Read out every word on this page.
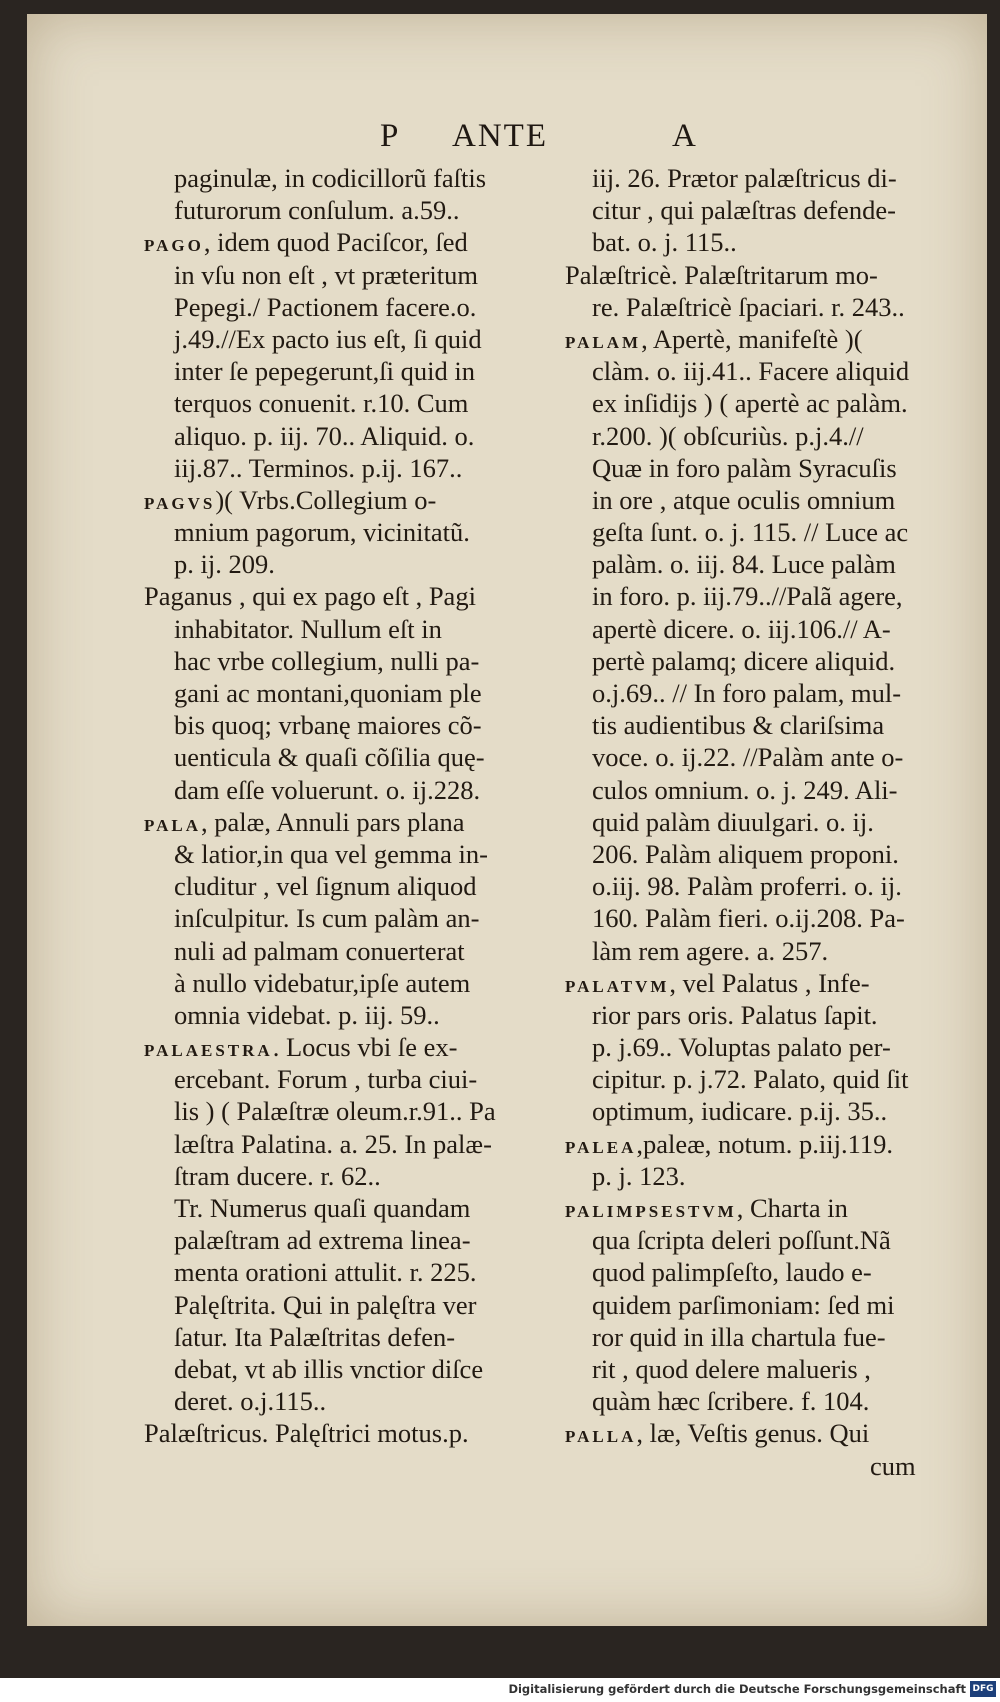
P ANTE	A
paginulæ, in codicillorũ faſtis
futurorum conſulum. a.59..
PAGO, idem quod Paciſcor, ſed
in vſu non eſt , vt præteritum
Pepegi./ Pactionem facere.o.
j.49.//Ex pacto ius eſt, ſi quid
inter ſe pepegerunt,ſi quid in
terquos conuenit. r.10. Cum
aliquo. p. iij. 70.. Aliquid. o.
iij.87.. Terminos. p.ij. 167..
PAGVS)( Vrbs.Collegium o-
mnium pagorum, vicinitatũ.
p. ij. 209.
Paganus , qui ex pago eſt , Pagi
inhabitator. Nullum eſt in
hac vrbe collegium, nulli pa-
gani ac montani,quoniam ple
bis quoq; vrbanę maiores cõ-
uenticula & quaſi cõſilia quę-
dam eſſe voluerunt. o. ij.228.
PALA, palæ, Annuli pars plana
& latior,in qua vel gemma in-
cluditur , vel ſignum aliquod
inſculpitur. Is cum palàm an-
nuli ad palmam conuerterat
à nullo videbatur,ipſe autem
omnia videbat. p. iij. 59..
PALAESTRA. Locus vbi ſe ex-
ercebant. Forum , turba ciui-
lis ) ( Palæſtræ oleum.r.91.. Pa
læſtra Palatina. a. 25. In palæ-
ſtram ducere. r. 62..
Tr. Numerus quaſi quandam
palæſtram ad extrema linea-
menta orationi attulit. r. 225.
Palęſtrita. Qui in palęſtra ver
ſatur. Ita Palæſtritas defen-
debat, vt ab illis vnctior diſce
deret. o.j.115..
Palæſtricus. Palęſtrici motus.p.
iij. 26. Prætor palæſtricus di-
citur , qui palæſtras defende-
bat. o. j. 115..
Palæſtricè. Palæſtritarum mo-
re. Palæſtricè ſpaciari. r. 243..
PALAM, Apertè, manifeſtè )(
clàm. o. iij.41.. Facere aliquid
ex inſidijs ) ( apertè ac palàm.
r.200. )( obſcuriùs. p.j.4.//
Quæ in foro palàm Syracuſis
in ore , atque oculis omnium
geſta ſunt. o. j. 115. // Luce ac
palàm. o. iij. 84. Luce palàm
in foro. p. iij.79..//Palã agere,
apertè dicere. o. iij.106.// A-
pertè palamq; dicere aliquid.
o.j.69.. // In foro palam, mul-
tis audientibus & clariſsima
voce. o. ij.22. //Palàm ante o-
culos omnium. o. j. 249. Ali-
quid palàm diuulgari. o. ij.
206. Palàm aliquem proponi.
o.iij. 98. Palàm proferri. o. ij.
160. Palàm fieri. o.ij.208. Pa-
làm rem agere. a. 257.
PALATVM, vel Palatus , Infe-
rior pars oris. Palatus ſapit.
p. j.69.. Voluptas palato per-
cipitur. p. j.72. Palato, quid ſit
optimum, iudicare. p.ij. 35..
PALEA,paleæ, notum. p.iij.119.
p. j. 123.
PALIMPSESTVM, Charta in
qua ſcripta deleri poſſunt.Nã
quod palimpſeſto, laudo e-
quidem parſimoniam: ſed mi
ror quid in illa chartula fue-
rit , quod delere malueris ,
quàm hæc ſcribere. f. 104.
PALLA, læ, Veſtis genus. Qui
cum
Digitalisierung gefördert durch die Deutsche Forschungsgemeinschaft DFG
